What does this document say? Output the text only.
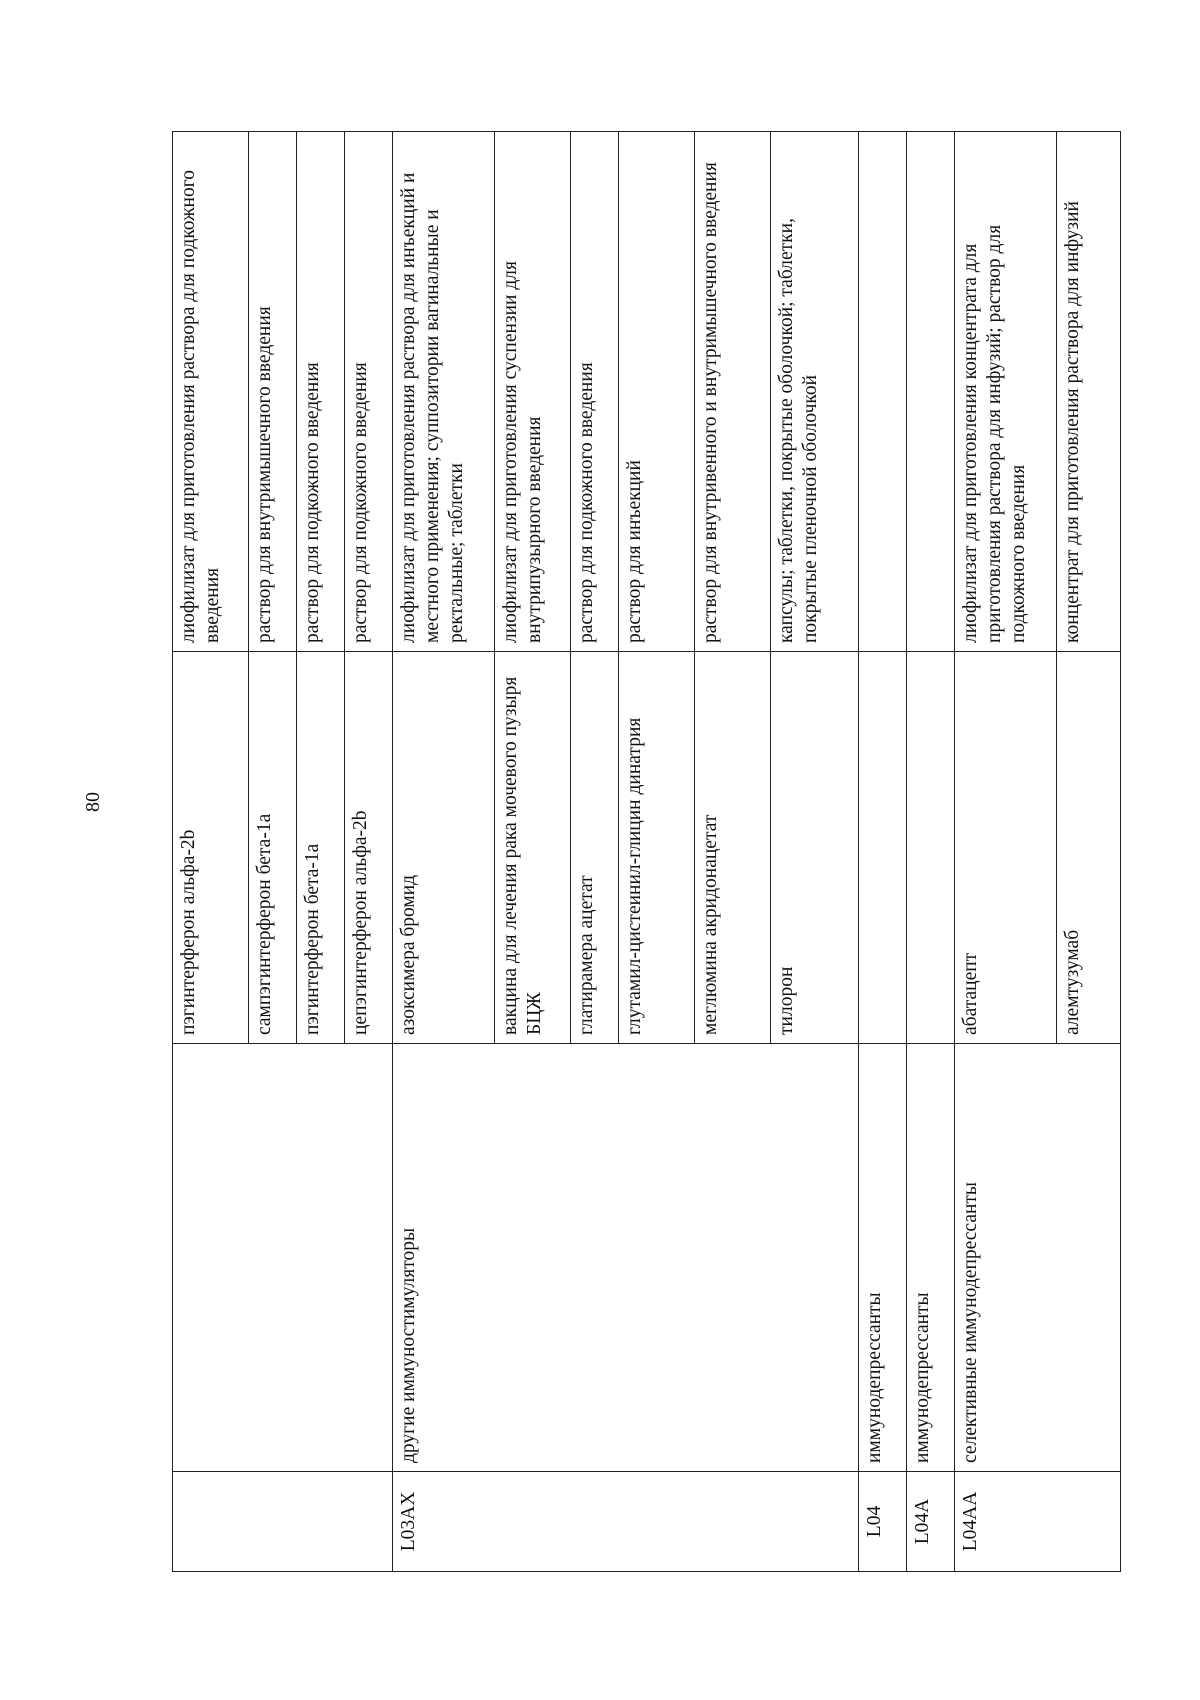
80
		пэгинтерферон альфа-2b	лиофилизат для приготовления раствора для подкожного введения
		сампэгинтерферон бета-1a	раствор для внутримышечного введения
		пэгинтерферон бета-1a	раствор для подкожного введения
		цепэгинтерферон альфа-2b	раствор для подкожного введения
L03AX	другие иммуностимуляторы	азоксимера бромид	лиофилизат для приготовления раствора для инъекций и местного применения; суппозитории вагинальные и ректальные; таблетки
		вакцина для лечения рака мочевого пузыря БЦЖ	лиофилизат для приготовления суспензии для внутрипузырного введения
		глатирамера ацетат	раствор для подкожного введения
		глутамил-цистеинил-глицин динатрия	раствор для инъекций
		меглюмина акридонацетат	раствор для внутривенного и внутримышечного введения
		тилорон	капсулы; таблетки, покрытые оболочкой; таблетки, покрытые пленочной оболочкой
L04	иммунодепрессанты		
L04A	иммунодепрессанты		
L04AA	селективные иммунодепрессанты	абатацепт	лиофилизат для приготовления концентрата для приготовления раствора для инфузий; раствор для подкожного введения
		алемтузумаб	концентрат для приготовления раствора для инфузий
